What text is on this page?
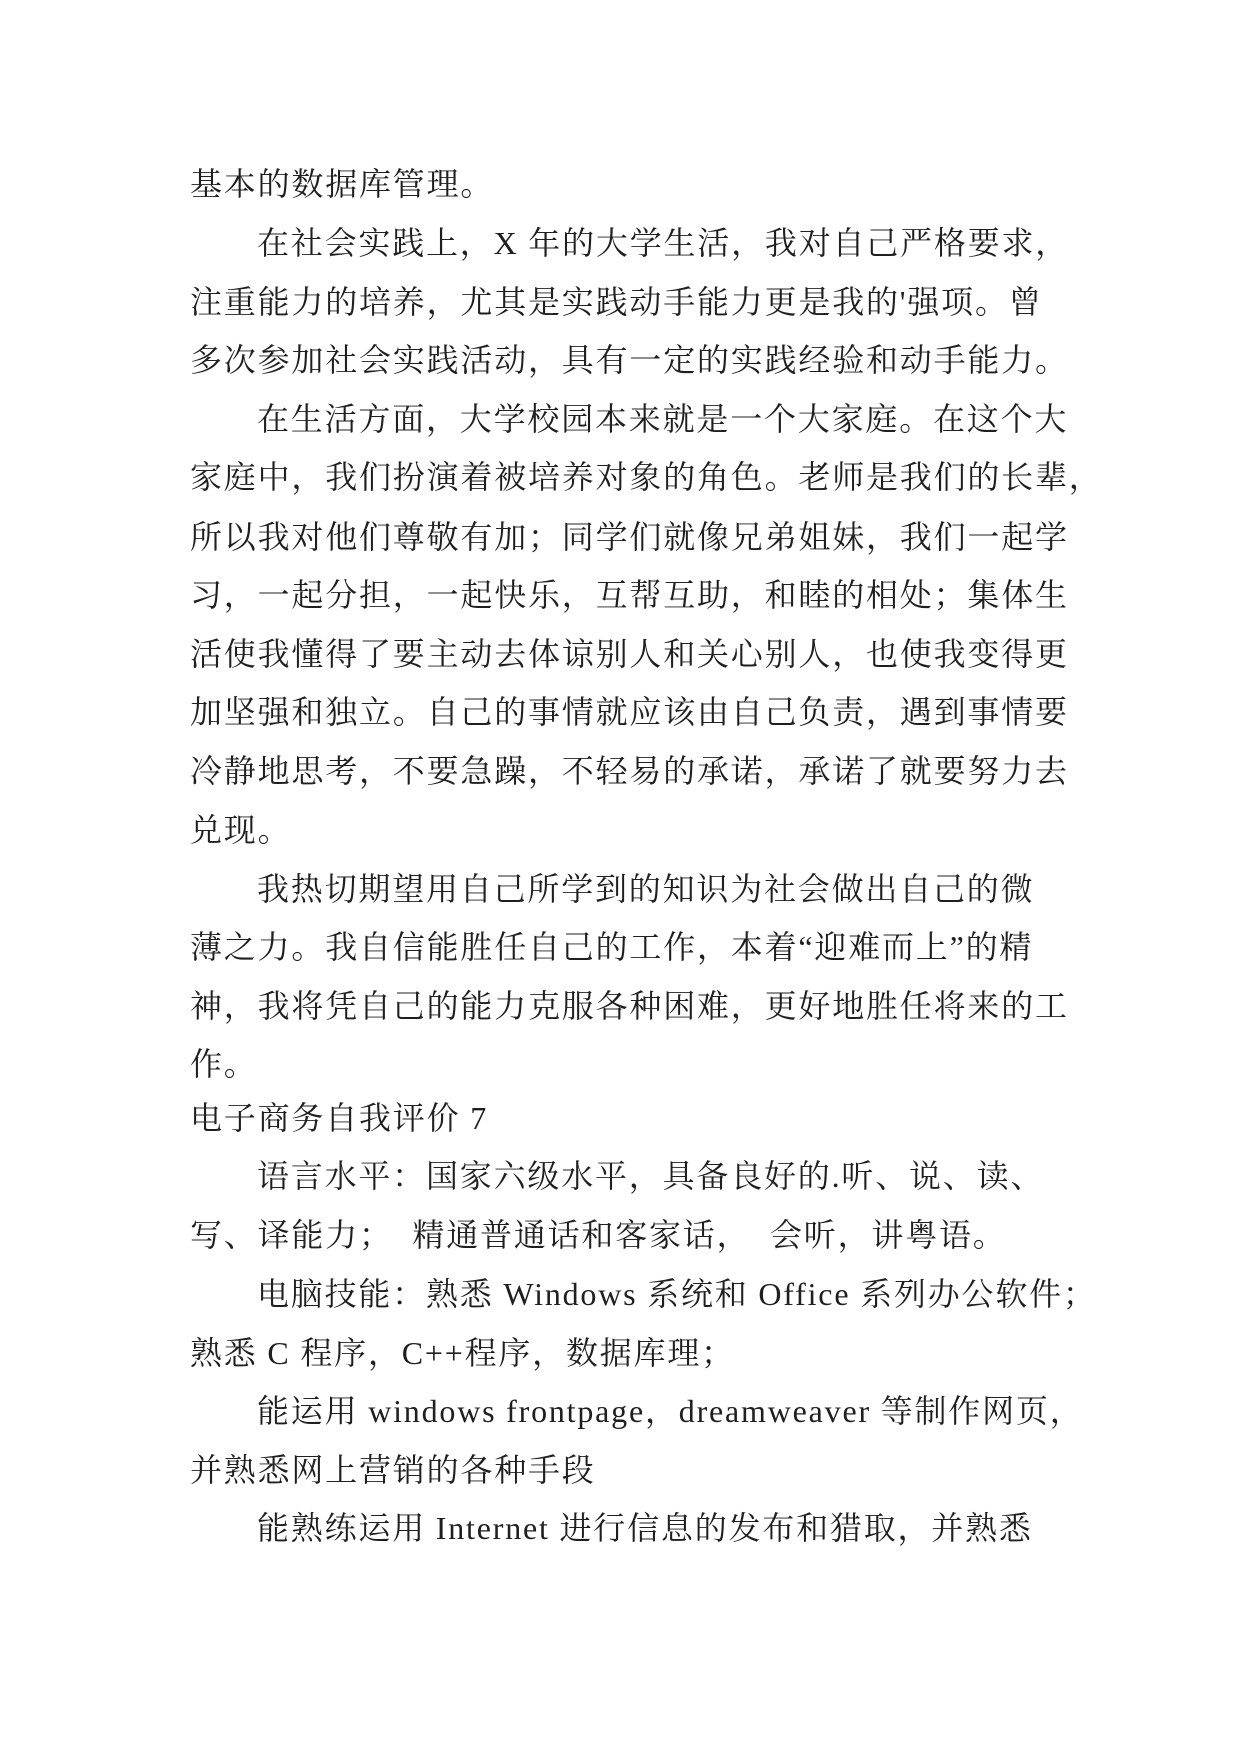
基本的数据库管理。
在社会实践上，X 年的大学生活，我对自己严格要求，
注重能力的培养，尤其是实践动手能力更是我的'强项。曾
多次参加社会实践活动，具有一定的实践经验和动手能力。
在生活方面，大学校园本来就是一个大家庭。在这个大
家庭中，我们扮演着被培养对象的角色。老师是我们的长辈，
所以我对他们尊敬有加；同学们就像兄弟姐妹，我们一起学
习，一起分担，一起快乐，互帮互助，和睦的相处；集体生
活使我懂得了要主动去体谅别人和关心别人，也使我变得更
加坚强和独立。自己的事情就应该由自己负责，遇到事情要
冷静地思考，不要急躁，不轻易的承诺，承诺了就要努力去
兑现。
我热切期望用自己所学到的知识为社会做出自己的微
薄之力。我自信能胜任自己的工作，本着“迎难而上”的精
神，我将凭自己的能力克服各种困难，更好地胜任将来的工
作。
电子商务自我评价 7
语言水平：国家六级水平，具备良好的.听、说、读、
写、译能力；  精通普通话和客家话，  会听，讲粤语。
电脑技能：熟悉 Windows 系统和 Office 系列办公软件；
熟悉 C 程序，C++程序，数据库理；
能运用 windows frontpage，dreamweaver 等制作网页，
并熟悉网上营销的各种手段
能熟练运用 Internet 进行信息的发布和猎取，并熟悉
